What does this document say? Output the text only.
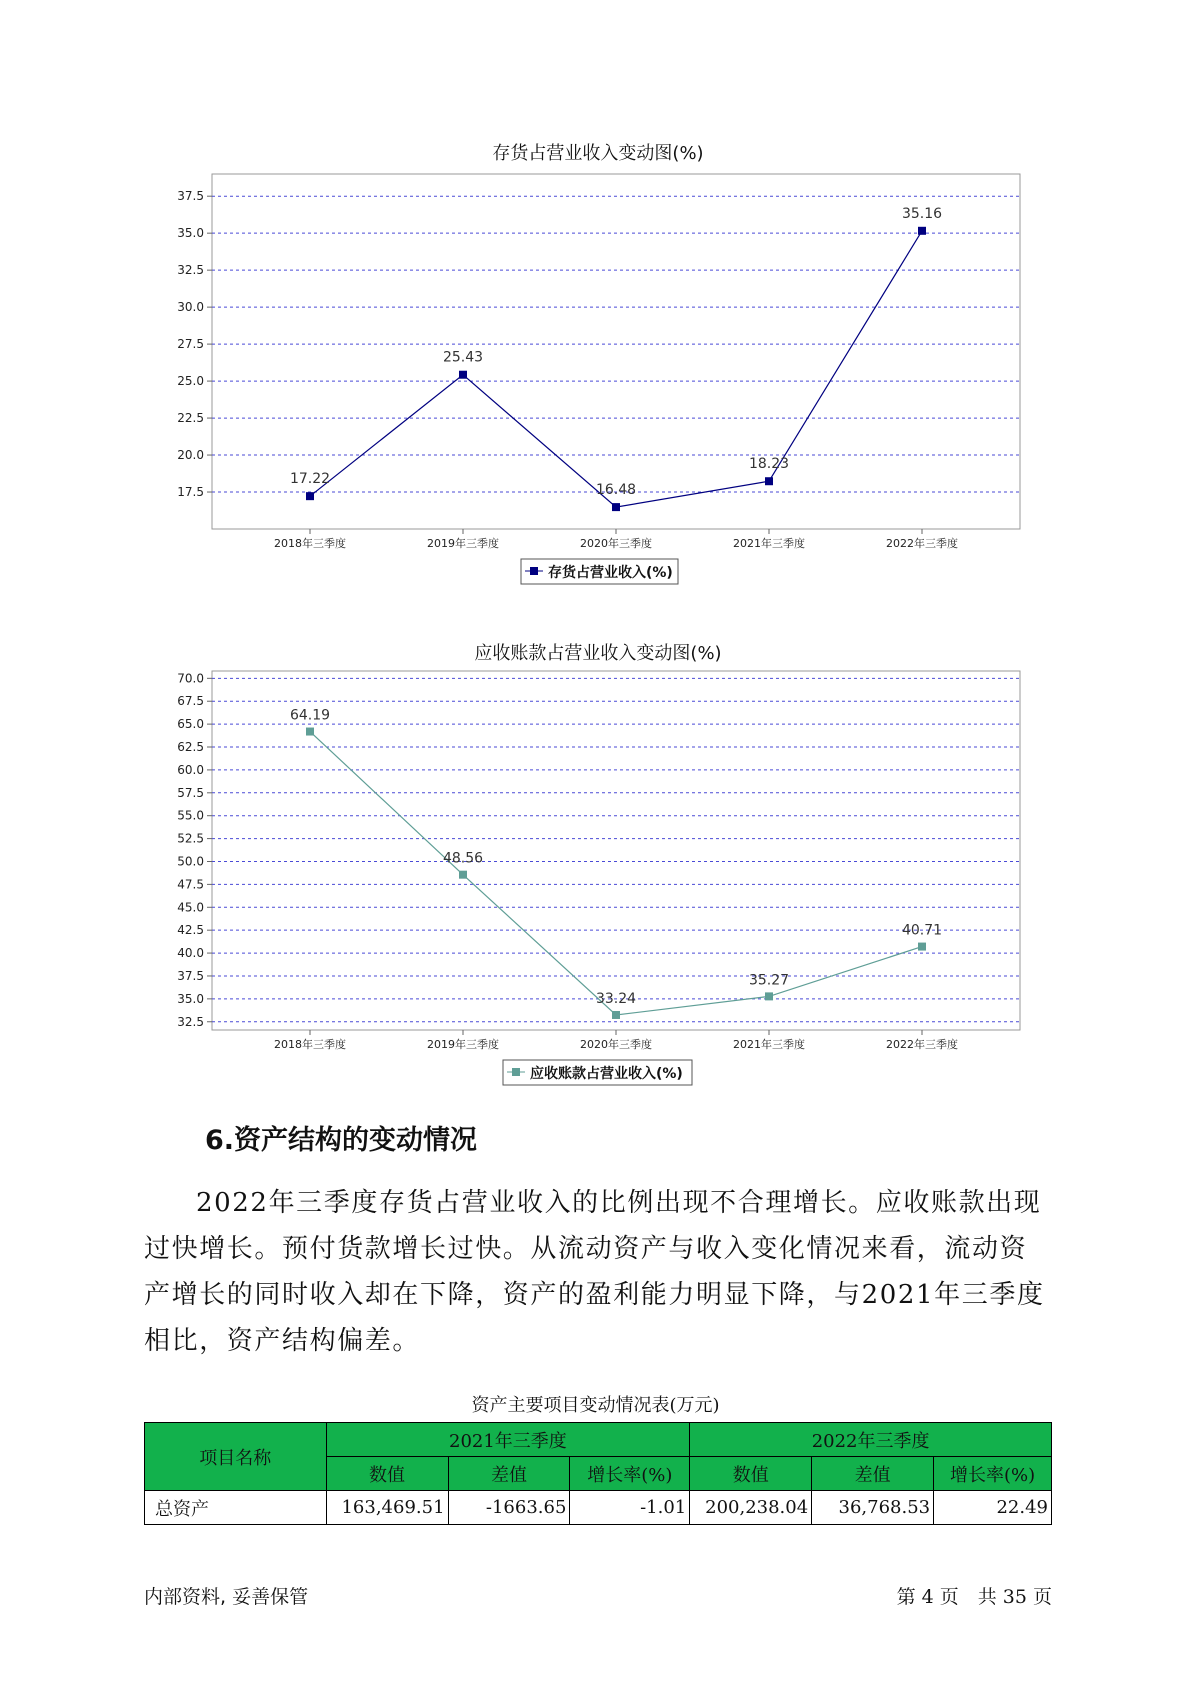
存货占营业收入变动图(%)
17.5
20.0
22.5
25.0
27.5
30.0
32.5
35.0
37.5
2018年三季度	2019年三季度	2020年三季度	2021年三季度	2022年三季度
17.22
25.43
16.48
18.23
35.16
存货占营业收入(%)
应收账款占营业收入变动图(%)
32.5
35.0
37.5
40.0
42.5
45.0
47.5
50.0
52.5
55.0
57.5
60.0
62.5
65.0
67.5
70.0
2018年三季度	2019年三季度	2020年三季度	2021年三季度	2022年三季度
64.19
48.56
33.24
35.27
40.71
应收账款占营业收入(%)
6.资产结构的变动情况

2022年三季度存货占营业收入的比例出现不合理增长。应收账款出现过快增长。预付货款增长过快。从流动资产与收入变化情况来看，流动资产增长的同时收入却在下降，资产的盈利能力明显下降，与2021年三季度相比，资产结构偏差。

资产主要项目变动情况表(万元)
项目名称	2021年三季度			2022年三季度		
	数值	差值	增长率(%)	数值	差值	增长率(%)
总资产	163,469.51	-1663.65	-1.01	200,238.04	36,768.53	22.49
内部资料, 妥善保管	第 4 页　共 35 页
